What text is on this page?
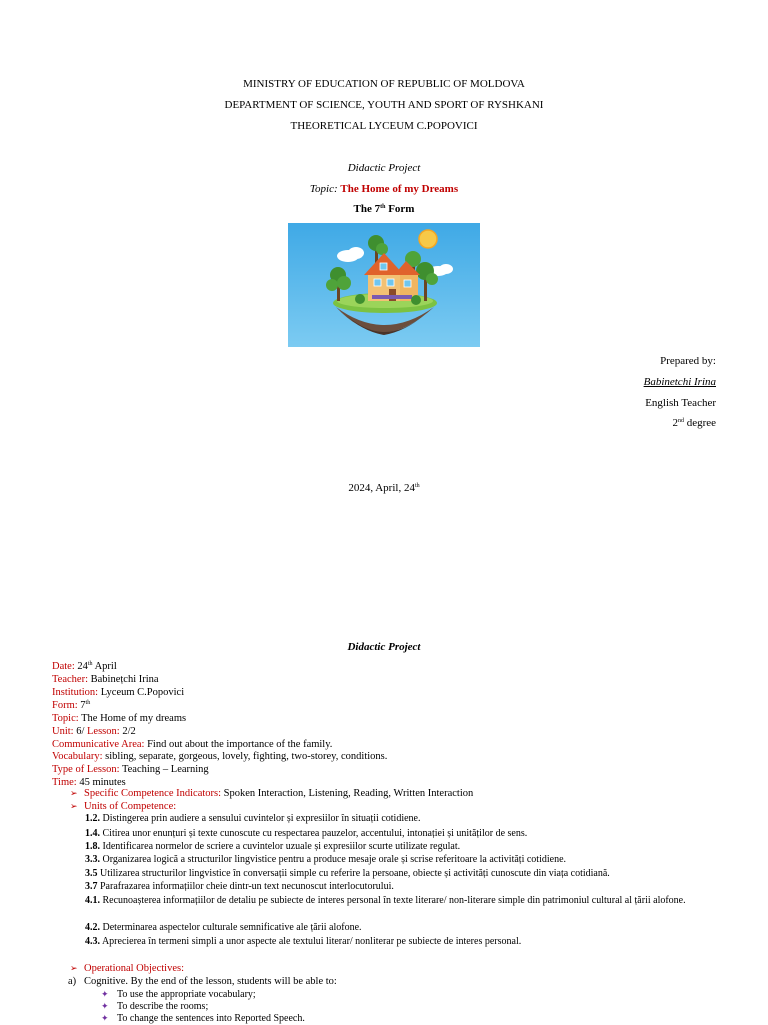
MINISTRY OF EDUCATION OF REPUBLIC OF MOLDOVA
DEPARTMENT OF SCIENCE, YOUTH AND SPORT OF RYSHKANI
THEORETICAL LYCEUM C.POPOVICI
Didactic Project
Topic: The Home of my Dreams
The 7th Form
Prepared by:
Babinetchi Irina
English Teacher
2nd degree
2024, April, 24th
Didactic Project
Date: 24th April
Teacher: Babinețchi Irina
Institution: Lyceum C.Popovici
Form: 7th
Topic: The Home of my dreams
Unit: 6/ Lesson: 2/2
Communicative Area: Find out about the importance of the family.
Vocabulary: sibling, separate, gorgeous, lovely, fighting, two-storey, conditions.
Type of Lesson: Teaching – Learning
Time: 45 minutes
➢ Specific Competence Indicators: Spoken Interaction, Listening, Reading, Written Interaction
➢ Units of Competence:
1.2. Distingerea prin audiere a sensului cuvintelor și expresiilor în situații cotidiene.
1.4. Citirea unor enunțuri și texte cunoscute cu respectarea pauzelor, accentului, intonației și unităților de sens.
1.8. Identificarea normelor de scriere a cuvintelor uzuale și expresiilor scurte utilizate regulat.
3.3. Organizarea logică a structurilor lingvistice pentru a produce mesaje orale și scrise referitoare la activități cotidiene.
3.5 Utilizarea structurilor lingvistice în conversații simple cu referire la persoane, obiecte și activități cunoscute din viața cotidiană.
3.7 Parafrazarea informațiilor cheie dintr-un text necunoscut interlocutorului.
4.1. Recunoașterea informațiilor de detaliu pe subiecte de interes personal în texte literare/ non-literare simple din patrimoniul cultural al țării alofone.
4.2. Determinarea aspectelor culturale semnificative ale țării alofone.
4.3. Aprecierea în termeni simpli a unor aspecte ale textului literar/ nonliterar pe subiecte de interes personal.
➢ Operational Objectives:
a) Cognitive. By the end of the lesson, students will be able to:
✦ To use the appropriate vocabulary;
✦ To describe the rooms;
✦ To change the sentences into Reported Speech.
